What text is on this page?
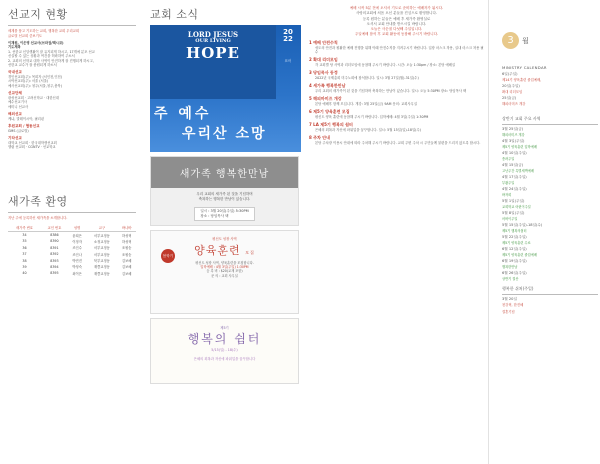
선교지 현황
세계를 품고 기도하는 교회, 행복한 교회 우리교회
글로벌 선교회 중보기도
이재원, 이은영 선교사(브라질/멕시코)
기도제목
1. 선한교 신앙생활이 잘 유지되게 하시고, 17개에 분포 선교
신실할 수 있는 상황과 여건을 허락하여 주소서
2. 교회의 신학교 대학 사역이 안전하게 잘 진행되게 하시고,
선한교 교수가 잘 충원되게 하소서
국내선교
경인선교회(주): 목회자 (서인천,인천)
시야선교회(주): 서울 (서울)
예사선교회(주): 청주(서울,청주,충북)
선교단체
광성선교회 · 고려신학교 · 대한신대
예수선교기사
에미니 선교사
해외선교
케냐, 말레이시아, 필리핀
후원교회 / 협동선교
GMS (글로벌)
기타선교
대학교 선교회 · 한국대학생선교회
엘림 선교회 · CGNTV · 선교학교
새가족 환영
지난 주에 등록하신 새가족을 소개합니다.
새가족 번호	교인 번호	성명	교구	바나바
34	8386	윤희은	서부교정동	하성혁
35	8390	이정자	소정교정동	하성혁
36	8391	조인수	서부교정동	조원숭
37	8392	조인나	서부교정동	조원숭
38	8393	박민진	북부교정동	김보혜
39	8394	박청숙	재쯤교정동	김보혜
40	8395	최이은	재쯤교정동	김보혜
교회 소식
LORD JESUS
OUR LIVING
HOPE
20
22
표어
주 예수
우리산 소망
새가족 행복한만남
우리 교회의 새가족 된 것을 기념하며
축복하는 행복한 만남이 있습니다.
일시 : 3월 20일(주일) 5:30PM
장소 : 당임목사 택
평신도 성장 사역
양육훈련 모집
봄학기
평신도 성장 사역, 양육훈련을 모집합니다.
입학예배 : 4월 3일(주일) 1:30PM
등 록 비 : $20(교재 포함)
문 의 : 교회 사무실
제5기
행복의 쉼터
5/15(일) - 18(수)
은혜의 회복과 자신에 파워업을 꿈꾸합니다
예배 시작 5분 전에 오셔서 기도로 준비하는 예배자가 됩시다.
사랑의교회에 처음 오신 분들을 진심으로 환영합니다.
등록 원하는 분들은 예배 후 새가족 환영실로
오셔서 교회 안내를 받으시길 바랍니다.
오늘은 사순절 다섯째 주일입니다.
주일예배 참석 후 교회 활동에 동참해 주시기 바랍니다.
1 예배 안전수칙
성도의 안전과 원활한 예배 진행을 위해 아래 안전수칙을 지켜주시기 바랍니다. 입장 마스크 착용, 실내 마스크 착용 필수
2 확대 리더모임
각 교회별 당 사역과 리더모임에 동참해 주시기 바랍니다. 시간: 오늘 1:30pm / 장소: 본당 예배실
3 당임목사 동정
2022년 국제총회 미주노회에 참석합니다. 일시: 3월 27일(월)-31일(수)
4 세가족 행복한만남
우리 교회의 새가족이 된 것을 기념하며 축복하는 만남이 있습니다. 일시: 오늘 5:30PM 장소: 당임목사 택
5 해피마미즈 개강
본당 예배후 함께 모입니다. 개강: 3월 25일(금) 9AM 문의: 교회사무실
6 제5기 양육훈련 모집
평신도 양육 훈련에 동참해 주시기 바랍니다. 입학예배: 4월 3일(주일) 1:30PM
7 LA 제5기 행복의 쉼터
은혜의 회복과 자신에 파워업을 꿈꾸합니다. 일시: 5월 15일(일)-18일(수)
8 주차 안내
본당 주차장 이용시 안내에 따라 주차해 주시기 바랍니다. 교회 주변 주차 시 주민들께 불편을 드리지 않도록 합시다.
3	월
MINISTRY CALENDAR
6일(주일)
제14기 양육훈련 졸업예배,
20일(주일)
확대 리더모임
25일(금)
해피마미즈 개강
상반기 교회 주요 사역
3월 25일(금)
해피마미즈 개강
4월 3일(주일)
제5기 양육훈련 입학예배
4월 10일(주일)
종려주일
4월 15일(금)
고난주간 특별새벽예배
4월 17일(주일)
부활주일
4월 24일(주일)
바자회
5월 1일(주일)
교회학교 어린이주일
5월 8일(주일)
어버이주일
5월 15일(주일)-18일(수)
제5기 행복의쉼터
5월 22일(주일)
제5기 양육훈련 수료
6월 12일(주일)
제5기 양육훈련 졸업예배
6월 19일(주일)
행복한만남
6월 26일(주일)
상반기 결산
행복한 쉬처(주일)
3월 20일
천강혁, 한진혜
결혼기념
